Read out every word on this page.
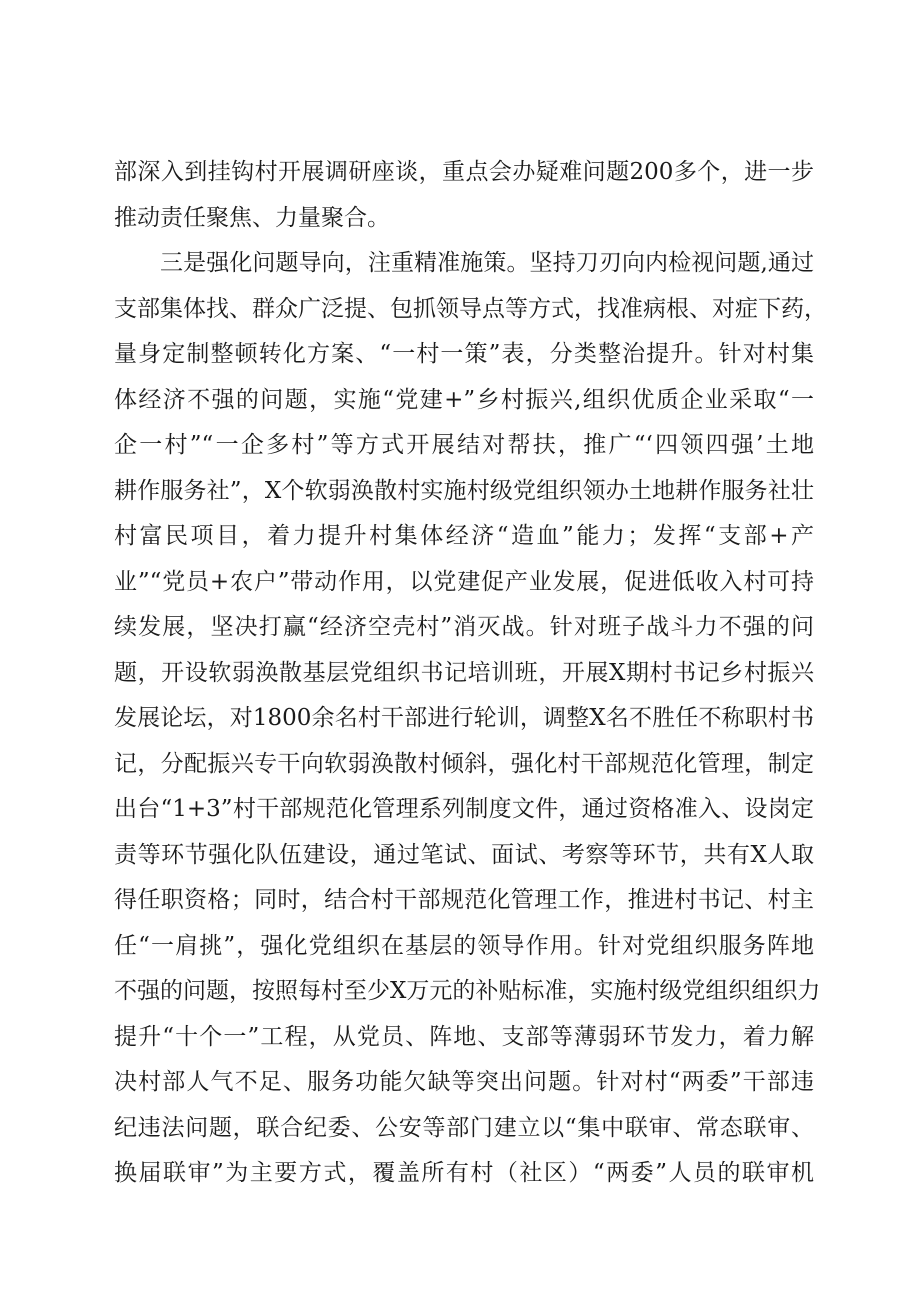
部深入到挂钩村开展调研座谈，重点会办疑难问题200多个，进一步
推动责任聚焦、力量聚合。
三是强化问题导向，注重精准施策。坚持刀刃向内检视问题,通过
支部集体找、群众广泛提、包抓领导点等方式，找准病根、对症下药，
量身定制整顿转化方案、“一村一策”表，分类整治提升。针对村集
体经济不强的问题，实施“党建+”乡村振兴,组织优质企业采取“一
企一村”“一企多村”等方式开展结对帮扶，推广“‘四领四强’土地
耕作服务社”，X个软弱涣散村实施村级党组织领办土地耕作服务社壮
村富民项目，着力提升村集体经济“造血”能力；发挥“支部+产
业”“党员+农户”带动作用，以党建促产业发展，促进低收入村可持
续发展，坚决打赢“经济空壳村”消灭战。针对班子战斗力不强的问
题，开设软弱涣散基层党组织书记培训班，开展X期村书记乡村振兴
发展论坛，对1800余名村干部进行轮训，调整X名不胜任不称职村书
记，分配振兴专干向软弱涣散村倾斜，强化村干部规范化管理，制定
出台“1+3”村干部规范化管理系列制度文件，通过资格准入、设岗定
责等环节强化队伍建设，通过笔试、面试、考察等环节，共有X人取
得任职资格；同时，结合村干部规范化管理工作，推进村书记、村主
任“一肩挑”，强化党组织在基层的领导作用。针对党组织服务阵地
不强的问题，按照每村至少X万元的补贴标准，实施村级党组织组织力
提升“十个一”工程，从党员、阵地、支部等薄弱环节发力，着力解
决村部人气不足、服务功能欠缺等突出问题。针对村“两委”干部违
纪违法问题，联合纪委、公安等部门建立以“集中联审、常态联审、
换届联审”为主要方式，覆盖所有村（社区）“两委”人员的联审机
